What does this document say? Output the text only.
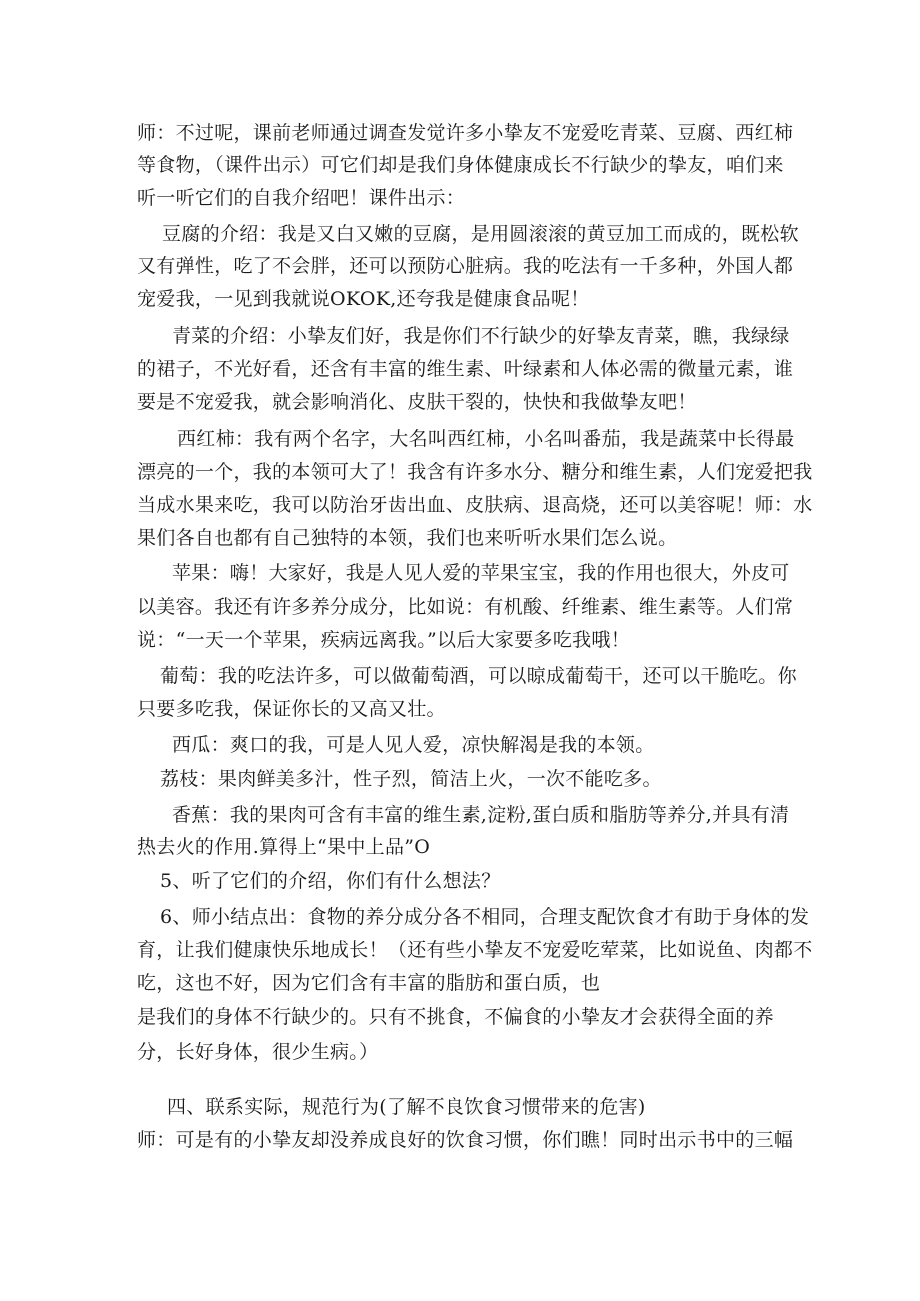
师：不过呢，课前老师通过调查发觉许多小挚友不宠爱吃青菜、豆腐、西红柿
等食物，（课件出示）可它们却是我们身体健康成长不行缺少的挚友，咱们来
听一听它们的自我介绍吧！课件出示：
豆腐的介绍：我是又白又嫩的豆腐，是用圆滚滚的黄豆加工而成的，既松软
又有弹性，吃了不会胖，还可以预防心脏病。我的吃法有一千多种，外国人都
宠爱我，一见到我就说OKOK,还夸我是健康食品呢！
青菜的介绍：小挚友们好，我是你们不行缺少的好挚友青菜，瞧，我绿绿
的裙子，不光好看，还含有丰富的维生素、叶绿素和人体必需的微量元素，谁
要是不宠爱我，就会影响消化、皮肤干裂的，快快和我做挚友吧！
西红柿：我有两个名字，大名叫西红柿，小名叫番茄，我是蔬菜中长得最
漂亮的一个，我的本领可大了！我含有许多水分、糖分和维生素，人们宠爱把我
当成水果来吃，我可以防治牙齿出血、皮肤病、退高烧，还可以美容呢！师：水
果们各自也都有自己独特的本领，我们也来听听水果们怎么说。
苹果：嗨！大家好，我是人见人爱的苹果宝宝，我的作用也很大，外皮可
以美容。我还有许多养分成分，比如说：有机酸、纤维素、维生素等。人们常
说：“一天一个苹果，疾病远离我。”以后大家要多吃我哦！
葡萄：我的吃法许多，可以做葡萄酒，可以晾成葡萄干，还可以干脆吃。你
只要多吃我，保证你长的又高又壮。
西瓜：爽口的我，可是人见人爱，凉快解渴是我的本领。
荔枝：果肉鲜美多汁，性子烈，简洁上火，一次不能吃多。
香蕉：我的果肉可含有丰富的维生素,淀粉,蛋白质和脂肪等养分,并具有清
热去火的作用.算得上“果中上品”O
5、听了它们的介绍，你们有什么想法？
6、师小结点出：食物的养分成分各不相同，合理支配饮食才有助于身体的发
育，让我们健康快乐地成长！（还有些小挚友不宠爱吃荤菜，比如说鱼、肉都不
吃，这也不好，因为它们含有丰富的脂肪和蛋白质，也
是我们的身体不行缺少的。只有不挑食，不偏食的小挚友才会获得全面的养
分，长好身体，很少生病。）
四、联系实际，规范行为(了解不良饮食习惯带来的危害)
师：可是有的小挚友却没养成良好的饮食习惯，你们瞧！同时出示书中的三幅
